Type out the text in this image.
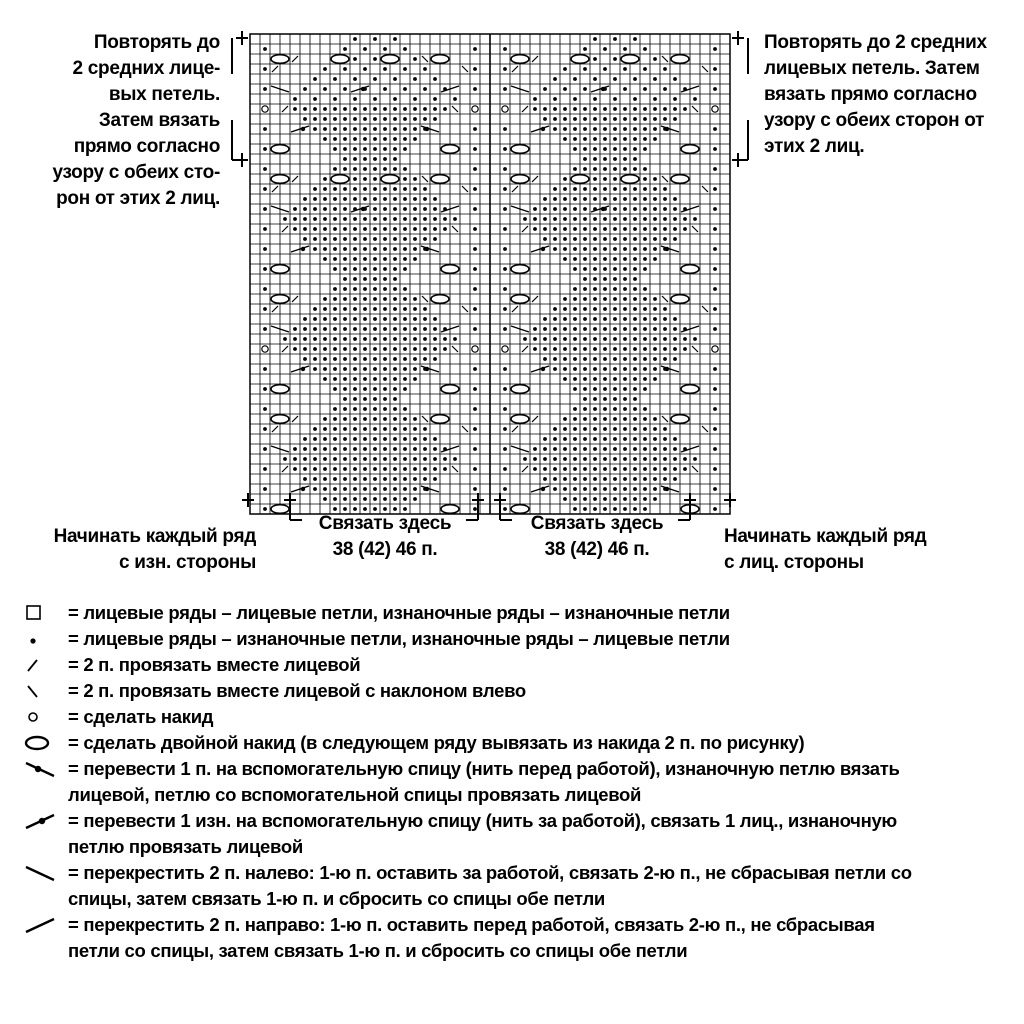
Повторять до
2 средних лице-
вых петель.
Затем вязать
прямо согласно
узору с обеих сто-
рон от этих 2 лиц.
Повторять до 2 средних
лицевых петель. Затем
вязать прямо согласно
узору с обеих сторон от
этих 2 лиц.
Начинать каждый ряд
с изн. стороны
Связать здесь
38 (42) 46 п.
Связать здесь
38 (42) 46 п.
Начинать каждый ряд
с лиц. стороны
= лицевые ряды – лицевые петли, изнаночные ряды – изнаночные петли
= лицевые ряды – изнаночные петли, изнаночные ряды – лицевые петли
= 2 п. провязать вместе лицевой
= 2 п. провязать вместе лицевой с наклоном влево
= сделать накид
= сделать двойной накид (в следующем ряду вывязать из накида 2 п. по рисунку)
= перевести 1 п. на вспомогательную спицу (нить перед работой), изнаночную петлю вязать
лицевой, петлю со вспомогательной спицы провязать лицевой
= перевести 1 изн. на вспомогательную спицу (нить за работой), связать 1 лиц., изнаночную
петлю провязать лицевой
= перекрестить 2 п. налево: 1-ю п. оставить за работой, связать 2-ю п., не сбрасывая петли со
спицы, затем связать 1-ю п. и сбросить со спицы обе петли
= перекрестить 2 п. направо: 1-ю п. оставить перед работой, связать 2-ю п., не сбрасывая
петли со спицы, затем связать 1-ю п. и сбросить со спицы обе петли
